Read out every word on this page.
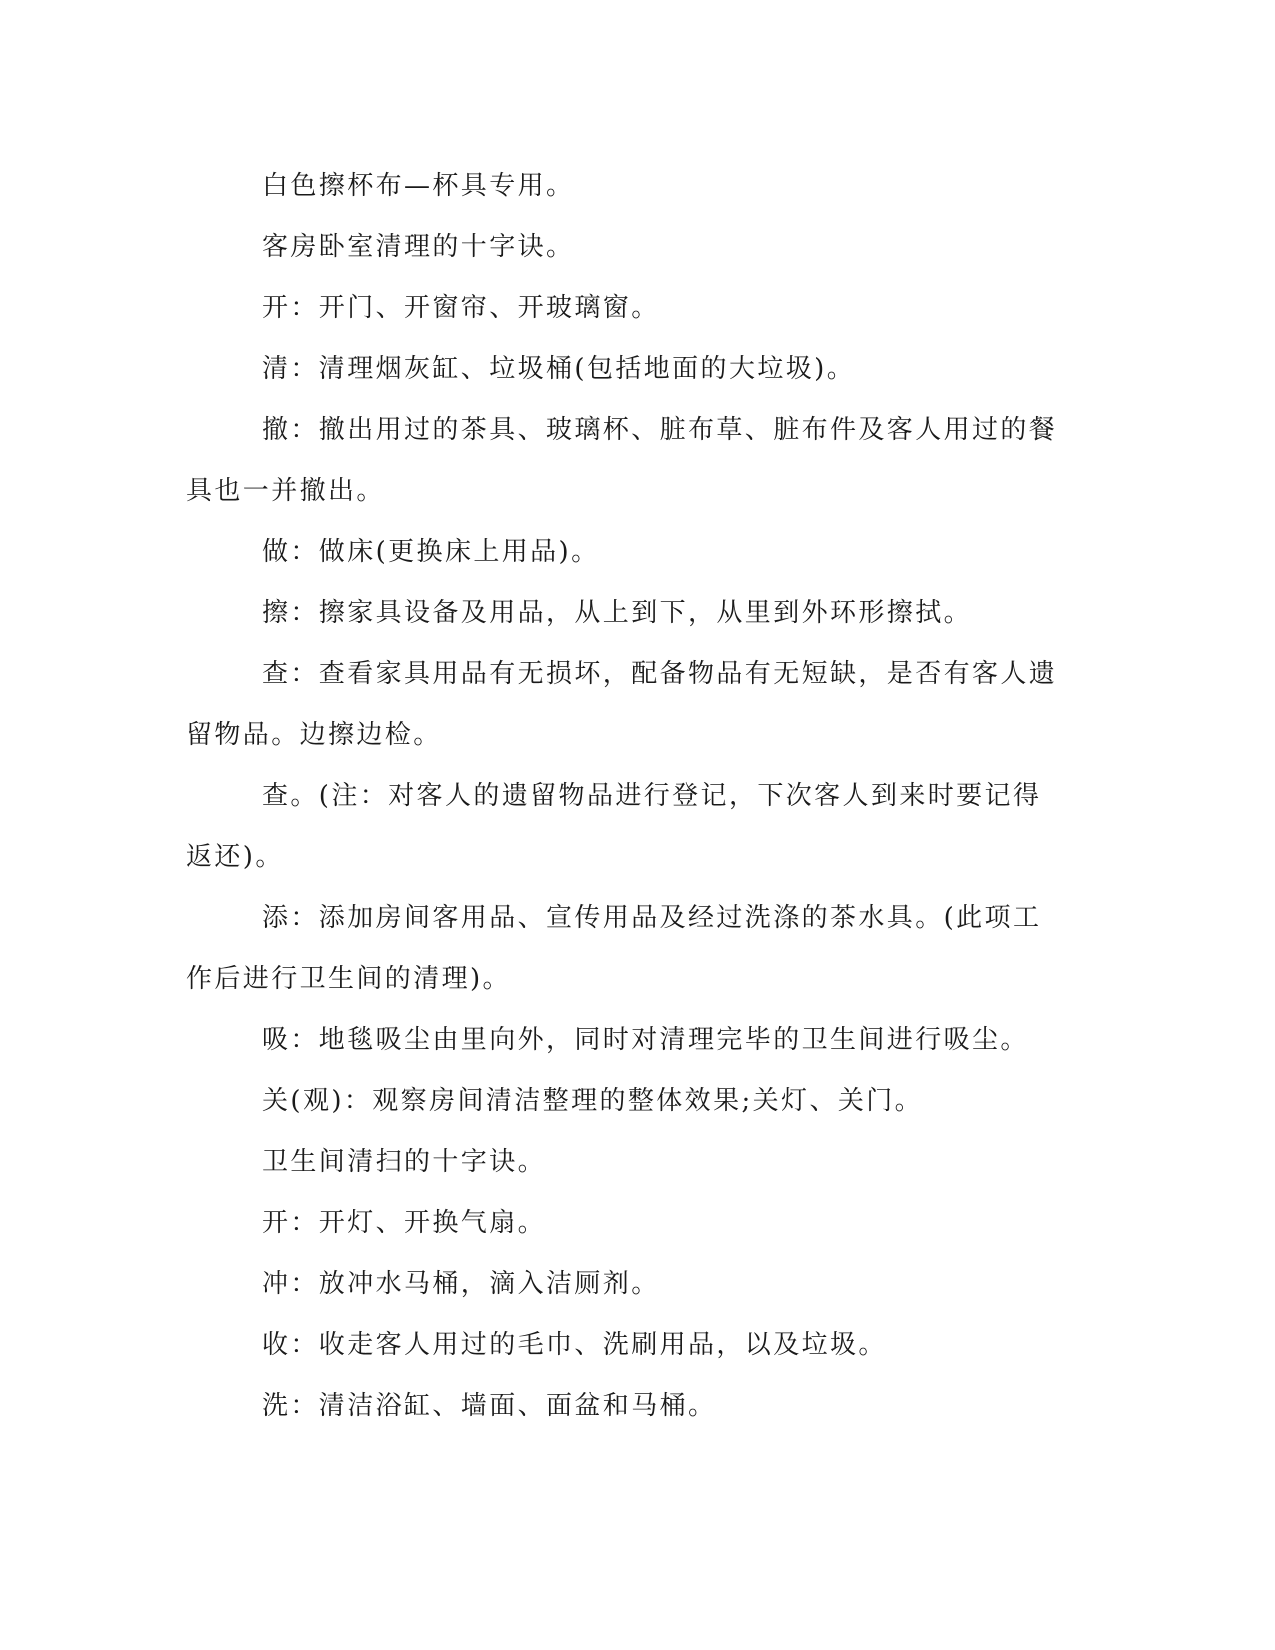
白色擦杯布—杯具专用。

客房卧室清理的十字诀。

开：开门、开窗帘、开玻璃窗。

清：清理烟灰缸、垃圾桶(包括地面的大垃圾)。

撤：撤出用过的茶具、玻璃杯、脏布草、脏布件及客人用过的餐具也一并撤出。

做：做床(更换床上用品)。

擦：擦家具设备及用品，从上到下，从里到外环形擦拭。

查：查看家具用品有无损坏，配备物品有无短缺，是否有客人遗留物品。边擦边检。

查。(注：对客人的遗留物品进行登记，下次客人到来时要记得返还)。

添：添加房间客用品、宣传用品及经过洗涤的茶水具。(此项工作后进行卫生间的清理)。

吸：地毯吸尘由里向外，同时对清理完毕的卫生间进行吸尘。

关(观)：观察房间清洁整理的整体效果;关灯、关门。

卫生间清扫的十字诀。

开：开灯、开换气扇。

冲：放冲水马桶，滴入洁厕剂。

收：收走客人用过的毛巾、洗刷用品，以及垃圾。

洗：清洁浴缸、墙面、面盆和马桶。
